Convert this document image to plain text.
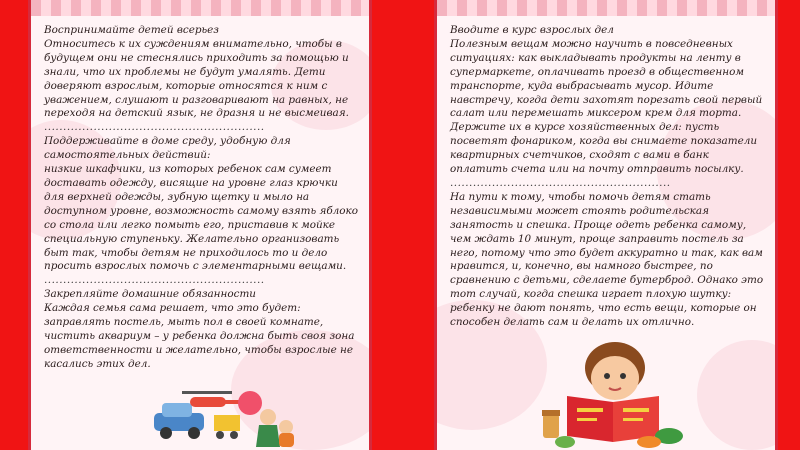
Воспринимайте детей всерьез

Относитесь к их суждениям внимательно, чтобы в будущем они не стеснялись приходить за помощью и знали, что их проблемы не будут умалять. Дети доверяют взрослым, которые относятся к ним с уважением, слушают и разговаривают на равных, не переходя на детский язык, не дразня и не высмеивая.

..........................................................

Поддерживайте в доме среду, удобную для самостоятельных действий:

низкие шкафчики, из которых ребенок сам сумеет доставать одежду, висящие на уровне глаз крючки для верхней одежды, зубную щетку и мыло на доступном уровне, возможность самому взять яблоко со стола или легко помыть его, приставив к мойке специальную ступеньку. Желательно организовать быт так, чтобы детям не приходилось то и дело просить взрослых помочь с элементарными вещами.

..........................................................

Закрепляйте домашние обязанности

Каждая семья сама решает, что это будет: заправлять постель, мыть пол в своей комнате, чистить аквариум – у ребенка должна быть своя зона ответственности и желательно, чтобы взрослые не касались этих дел.

Вводите в курс взрослых дел

Полезным вещам можно научить в повседневных ситуациях: как выкладывать продукты на ленту в супермаркете, оплачивать проезд в общественном транспорте, куда выбрасывать мусор. Идите навстречу, когда дети захотят порезать свой первый салат или перемешать миксером крем для торта. Держите их в курсе хозяйственных дел: пусть посветят фонариком, когда вы снимаете показатели квартирных счетчиков, сходят с вами в банк оплатить счета или на почту отправить посылку.

..........................................................

На пути к тому, чтобы помочь детям стать независимыми может стоять родительская занятость и спешка. Проще одеть ребенка самому, чем ждать 10 минут, проще заправить постель за него, потому что это будет аккуратно и так, как вам нравится, и, конечно, вы намного быстрее, по сравнению с детьми, сделаете бутерброд. Однако это тот случай, когда спешка играет плохую шутку: ребенку не дают понять, что есть вещи, которые он способен делать сам и делать их отлично.
